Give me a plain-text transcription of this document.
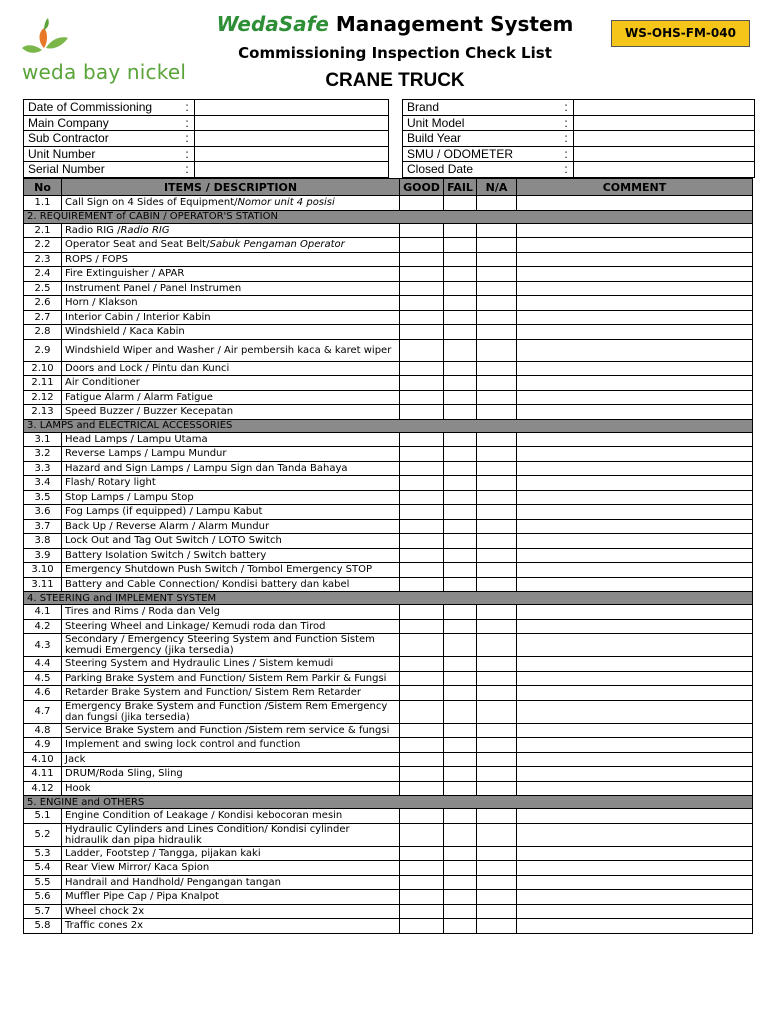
weda bay nickel
WedaSafe Management System
Commissioning Inspection Check List
CRANE TRUCK
WS-OHS-FM-040
Date of Commissioning	:	
Main Company	:	
Sub Contractor	:	
Unit Number	:	
Serial Number	:	
Brand	:	
Unit Model	:	
Build Year	:	
SMU / ODOMETER	:	
Closed Date	:	
No	ITEMS / DESCRIPTION	GOOD	FAIL	N/A	COMMENT
1.1	Call Sign on 4 Sides of Equipment/Nomor unit 4 posisi				
2. REQUIREMENT of CABIN / OPERATOR'S STATION					
2.1	Radio RIG /Radio RIG				
2.2	Operator Seat and Seat Belt/Sabuk Pengaman Operator				
2.3	ROPS / FOPS				
2.4	Fire Extinguisher / APAR				
2.5	Instrument Panel / Panel Instrumen				
2.6	Horn / Klakson				
2.7	Interior Cabin / Interior Kabin				
2.8	Windshield / Kaca Kabin				
2.9	Windshield Wiper and Washer / Air pembersih kaca & karet wiper				
2.10	Doors and Lock / Pintu dan Kunci				
2.11	Air Conditioner				
2.12	Fatigue Alarm / Alarm Fatigue				
2.13	Speed Buzzer / Buzzer Kecepatan				
3. LAMPS and ELECTRICAL ACCESSORIES					
3.1	Head Lamps / Lampu Utama				
3.2	Reverse Lamps / Lampu Mundur				
3.3	Hazard and Sign Lamps / Lampu Sign dan Tanda Bahaya				
3.4	Flash/ Rotary light				
3.5	Stop Lamps / Lampu Stop				
3.6	Fog Lamps (if equipped) / Lampu Kabut				
3.7	Back Up / Reverse Alarm / Alarm Mundur				
3.8	Lock Out and Tag Out Switch / LOTO Switch				
3.9	Battery Isolation Switch / Switch battery				
3.10	Emergency Shutdown Push Switch / Tombol Emergency STOP				
3.11	Battery and Cable Connection/ Kondisi battery dan kabel				
4. STEERING and IMPLEMENT SYSTEM					
4.1	Tires and Rims / Roda dan Velg				
4.2	Steering Wheel and Linkage/ Kemudi roda dan Tirod				
4.3	Secondary / Emergency Steering System and Function Sistem kemudi Emergency (jika tersedia)				
4.4	Steering System and Hydraulic Lines / Sistem kemudi				
4.5	Parking Brake System and Function/ Sistem Rem Parkir & Fungsi				
4.6	Retarder Brake System and Function/ Sistem Rem Retarder				
4.7	Emergency Brake System and Function /Sistem Rem Emergency dan fungsi (jika tersedia)				
4.8	Service Brake System and Function /Sistem rem service & fungsi				
4.9	Implement and swing lock control and function				
4.10	Jack				
4.11	DRUM/Roda Sling, Sling				
4.12	Hook				
5. ENGINE and OTHERS					
5.1	Engine Condition of Leakage / Kondisi kebocoran mesin				
5.2	Hydraulic Cylinders and Lines Condition/ Kondisi cylinder hidraulik dan pipa hidraulik				
5.3	Ladder, Footstep / Tangga, pijakan kaki				
5.4	Rear View Mirror/ Kaca Spion				
5.5	Handrail and Handhold/ Pengangan tangan				
5.6	Muffler Pipe Cap / Pipa Knalpot				
5.7	Wheel chock 2x				
5.8	Traffic cones 2x				
